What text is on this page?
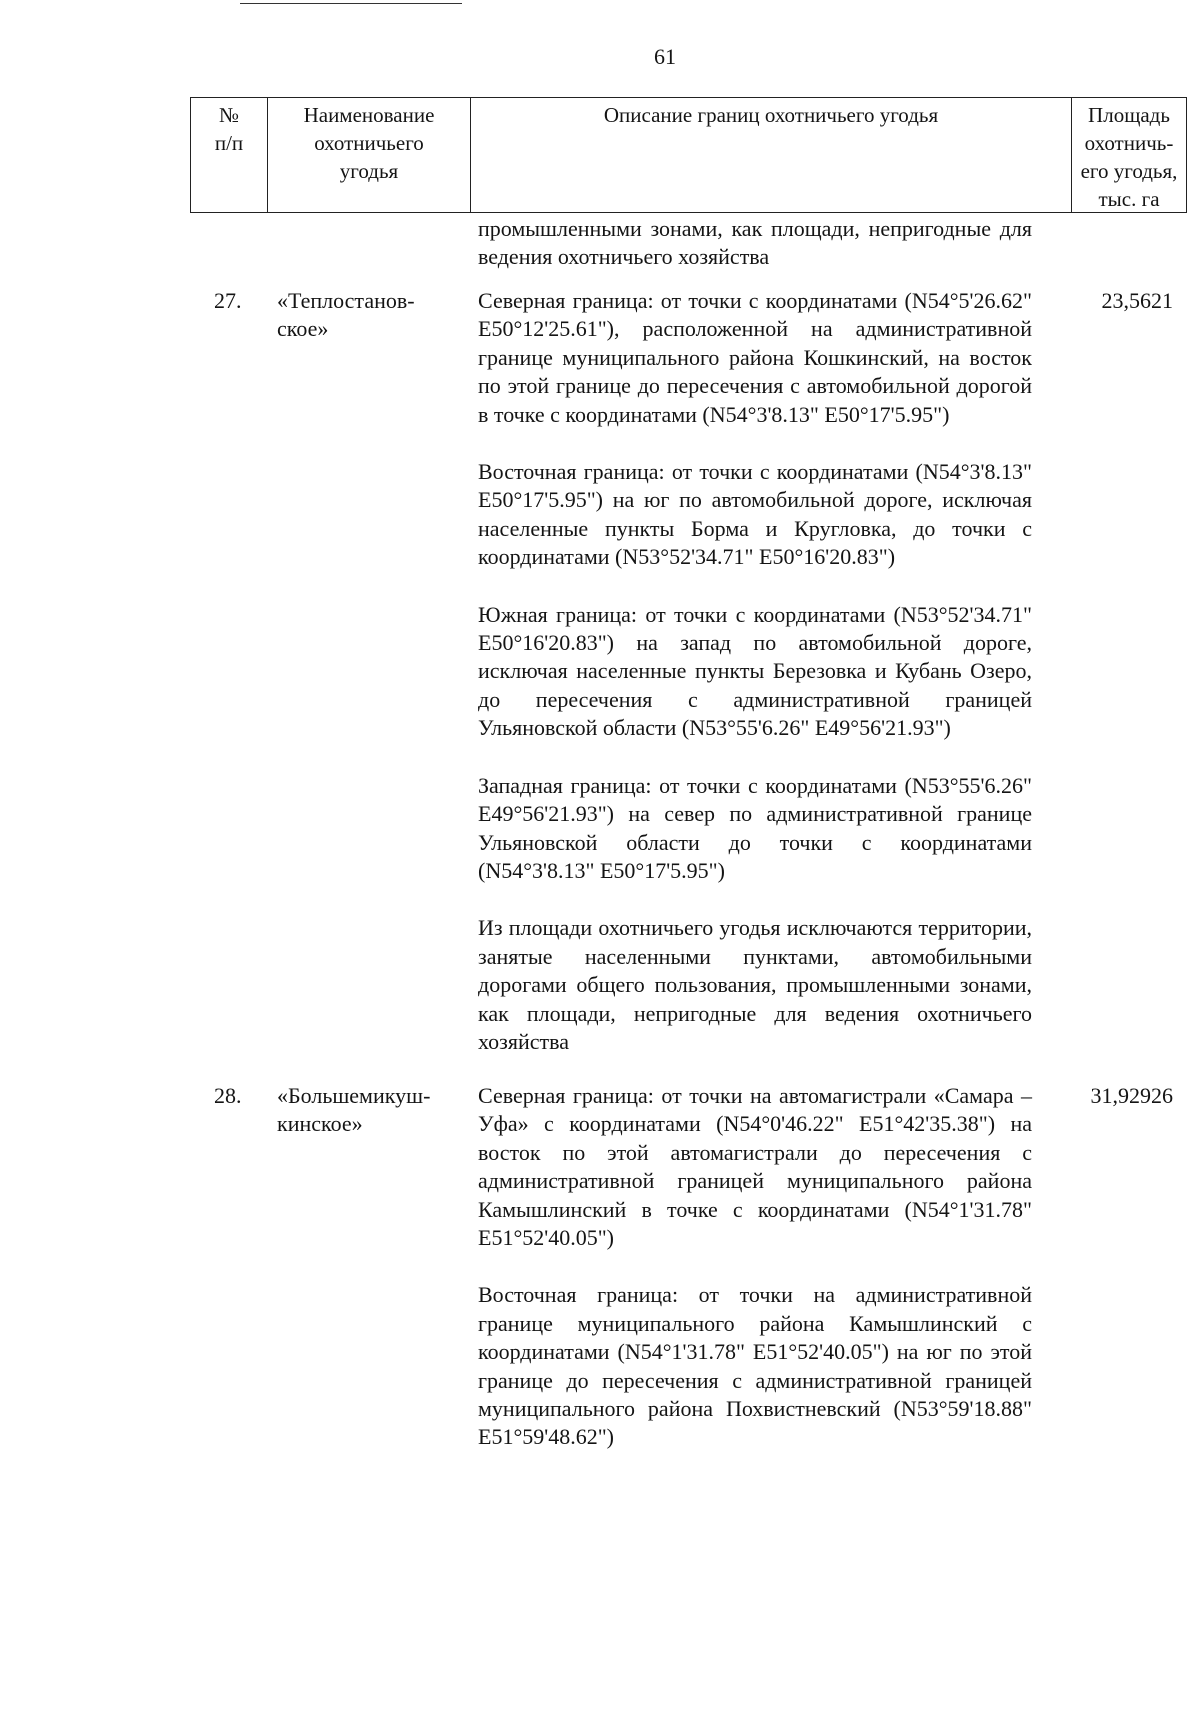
61
№
п/п
Наименование
охотничьего
угодья
Описание границ охотничьего угодья	Площадь
охотничь-
его угодья,
тыс. га
промышленными зонами, как площади, непригодные для ведения охотничьего хозяйства
27. «Теплостанов-
ское»
Северная граница: от точки с координатами (N54°5'26.62" E50°12'25.61"), расположенной на административной границе муниципального района Кошкинский, на восток по этой границе до пересечения с автомобильной дорогой в точке с координатами (N54°3'8.13" E50°17'5.95")
Восточная граница: от точки с координатами (N54°3'8.13" E50°17'5.95") на юг по автомобильной дороге, исключая населенные пункты Борма и Кругловка, до точки с координатами (N53°52'34.71" E50°16'20.83")
Южная граница: от точки с координатами (N53°52'34.71" E50°16'20.83") на запад по автомобильной дороге, исключая населенные пункты Березовка и Кубань Озеро, до пересечения с административной границей Ульяновской области (N53°55'6.26" E49°56'21.93")
Западная граница: от точки с координатами (N53°55'6.26" E49°56'21.93") на север по административной границе Ульяновской области до точки с координатами (N54°3'8.13" E50°17'5.95")
Из площади охотничьего угодья исключаются территории, занятые населенными пунктами, автомобильными дорогами общего пользования, промышленными зонами, как площади, непригодные для ведения охотничьего хозяйства
23,5621
28. «Большемикуш-
кинское»
Северная граница: от точки на автомагистрали «Самара – Уфа» с координатами (N54°0'46.22" E51°42'35.38") на восток по этой автомагистрали до пересечения с административной границей муниципального района Камышлинский в точке с координатами (N54°1'31.78" E51°52'40.05")
Восточная граница: от точки на административной границе муниципального района Камышлинский с координатами (N54°1'31.78" E51°52'40.05") на юг по этой границе до пересечения с административной границей муниципального района Похвистневский (N53°59'18.88" E51°59'48.62")
31,92926
